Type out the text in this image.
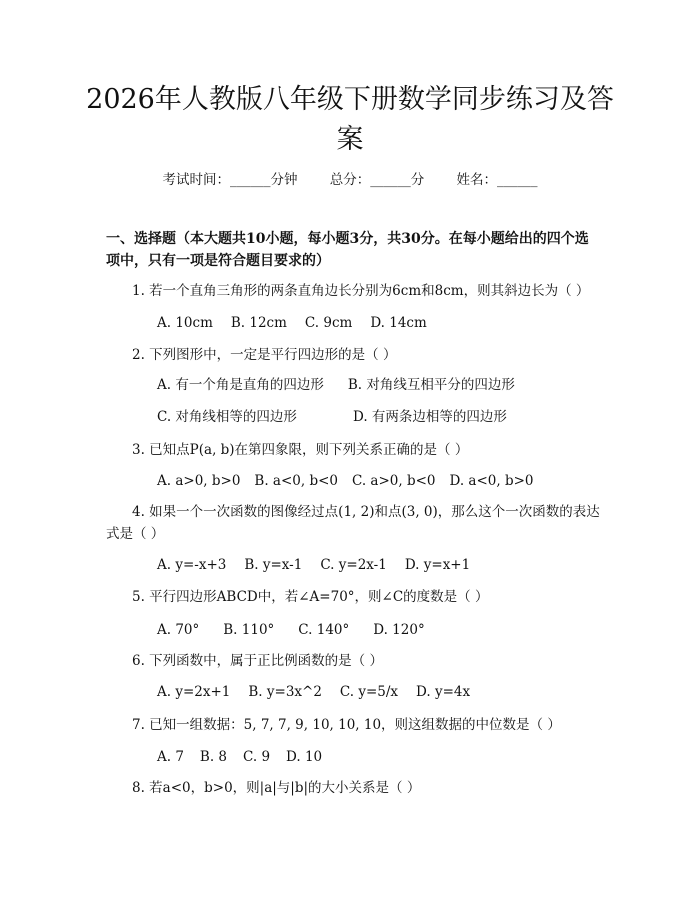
2026年人教版八年级下册数学同步练习及答案
考试时间：______分钟 总分：______分 姓名：______

一、选择题（本大题共10小题，每小题3分，共30分。在每小题给出的四个选项中，只有一项是符合题目要求的）

1. 若一个直角三角形的两条直角边长分别为6cm和8cm，则其斜边长为（ ）

A. 10cm B. 12cm C. 9cm D. 14cm

2. 下列图形中，一定是平行四边形的是（ ）

A. 有一个角是直角的四边形 B. 对角线互相平分的四边形

C. 对角线相等的四边形	D. 有两条边相等的四边形

3. 已知点P(a, b)在第四象限，则下列关系正确的是（ ）

A. a>0, b>0 B. a<0, b<0 C. a>0, b<0 D. a<0, b>0

4. 如果一个一次函数的图像经过点(1, 2)和点(3, 0)，那么这个一次函数的表达式是（ ）

A. y=-x+3 B. y=x-1 C. y=2x-1 D. y=x+1

5. 平行四边形ABCD中，若∠A=70°，则∠C的度数是（ ）

A. 70° B. 110° C. 140° D. 120°

6. 下列函数中，属于正比例函数的是（ ）

A. y=2x+1 B. y=3x^2 C. y=5/x D. y=4x

7. 已知一组数据：5, 7, 7, 9, 10, 10, 10，则这组数据的中位数是（ ）

A. 7 B. 8 C. 9 D. 10

8. 若a<0，b>0，则|a|与|b|的大小关系是（ ）
